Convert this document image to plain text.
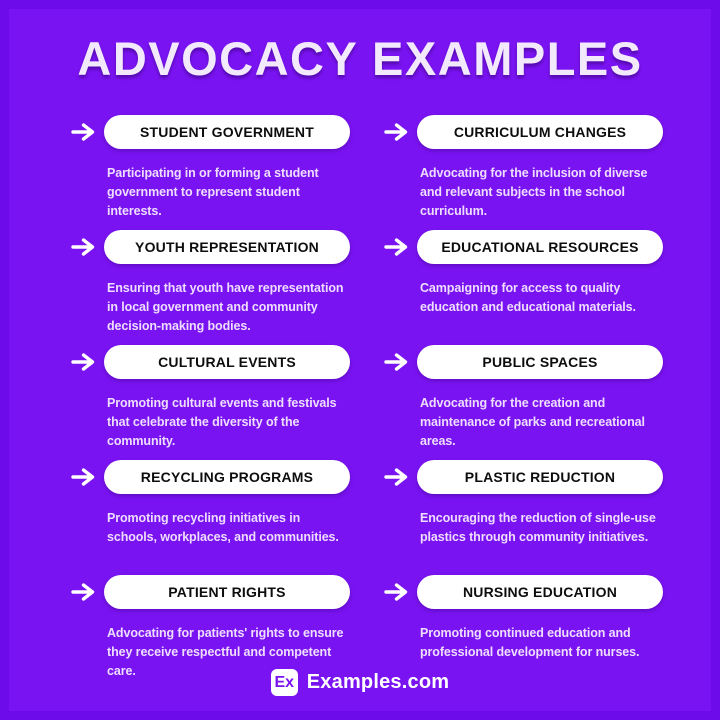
ADVOCACY EXAMPLES
STUDENT GOVERNMENT

Participating in or forming a student government to represent student interests.

CURRICULUM CHANGES

Advocating for the inclusion of diverse and relevant subjects in the school curriculum.

YOUTH REPRESENTATION

Ensuring that youth have representation in local government and community decision-making bodies.

EDUCATIONAL RESOURCES

Campaigning for access to quality education and educational materials.

CULTURAL EVENTS

Promoting cultural events and festivals that celebrate the diversity of the community.

PUBLIC SPACES

Advocating for the creation and maintenance of parks and recreational areas.

RECYCLING PROGRAMS

Promoting recycling initiatives in schools, workplaces, and communities.

PLASTIC REDUCTION

Encouraging the reduction of single-use plastics through community initiatives.

PATIENT RIGHTS

Advocating for patients' rights to ensure they receive respectful and competent care.

NURSING EDUCATION

Promoting continued education and professional development for nurses.

Ex Examples.com
